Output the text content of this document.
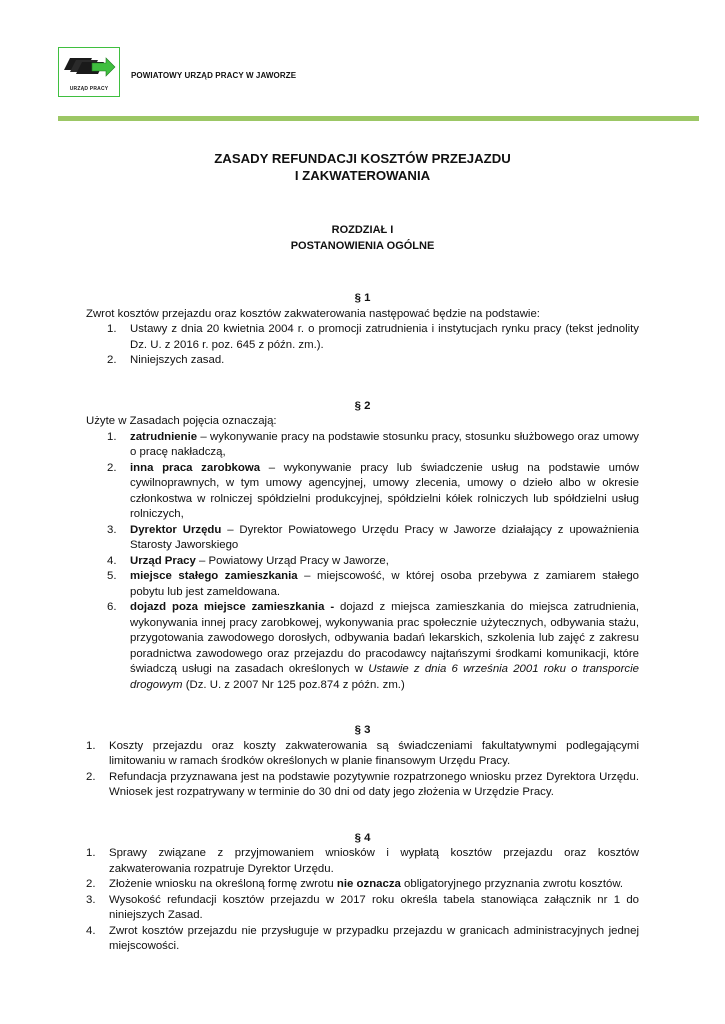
URZĄD PRACY
POWIATOWY URZĄD PRACY W JAWORZE
ZASADY REFUNDACJI KOSZTÓW PRZEJAZDU
I ZAKWATEROWANIA
ROZDZIAŁ I
POSTANOWIENIA OGÓLNE
§ 1

Zwrot kosztów przejazdu oraz kosztów zakwaterowania następować będzie na podstawie:

1. Ustawy z dnia 20 kwietnia 2004 r. o promocji zatrudnienia i instytucjach rynku pracy (tekst jednolity Dz. U. z 2016 r. poz. 645 z późn. zm.).
2. Niniejszych zasad.
§ 2

Użyte w Zasadach pojęcia oznaczają:

1. zatrudnienie – wykonywanie pracy na podstawie stosunku pracy, stosunku służbowego oraz umowy o pracę nakładczą,
2. inna praca zarobkowa – wykonywanie pracy lub świadczenie usług na podstawie umów cywilnoprawnych, w tym umowy agencyjnej, umowy zlecenia, umowy o dzieło albo w okresie członkostwa w rolniczej spółdzielni produkcyjnej, spółdzielni kółek rolniczych lub spółdzielni usług rolniczych,
3. Dyrektor Urzędu – Dyrektor Powiatowego Urzędu Pracy w Jaworze działający z upoważnienia Starosty Jaworskiego
4. Urząd Pracy – Powiatowy Urząd Pracy w Jaworze,
5. miejsce stałego zamieszkania – miejscowość, w której osoba przebywa z zamiarem stałego pobytu lub jest zameldowana.
6. dojazd poza miejsce zamieszkania - dojazd z miejsca zamieszkania do miejsca zatrudnienia, wykonywania innej pracy zarobkowej, wykonywania prac społecznie użytecznych, odbywania stażu, przygotowania zawodowego dorosłych, odbywania badań lekarskich, szkolenia lub zajęć z zakresu poradnictwa zawodowego oraz przejazdu do pracodawcy najtańszymi środkami komunikacji, które świadczą usługi na zasadach określonych w Ustawie z dnia 6 września 2001 roku o transporcie drogowym (Dz. U. z 2007 Nr 125 poz.874 z późn. zm.)
§ 3
1. Koszty przejazdu oraz koszty zakwaterowania są świadczeniami fakultatywnymi podlegającymi limitowaniu w ramach środków określonych w planie finansowym Urzędu Pracy.
2. Refundacja przyznawana jest na podstawie pozytywnie rozpatrzonego wniosku przez Dyrektora Urzędu. Wniosek jest rozpatrywany w terminie do 30 dni od daty jego złożenia w Urzędzie Pracy.
§ 4
1. Sprawy związane z przyjmowaniem wniosków i wypłatą kosztów przejazdu oraz kosztów zakwaterowania rozpatruje Dyrektor Urzędu.
2. Złożenie wniosku na określoną formę zwrotu nie oznacza obligatoryjnego przyznania zwrotu kosztów.
3. Wysokość refundacji kosztów przejazdu w 2017 roku określa tabela stanowiąca załącznik nr 1 do niniejszych Zasad.
4. Zwrot kosztów przejazdu nie przysługuje w przypadku przejazdu w granicach administracyjnych jednej miejscowości.
